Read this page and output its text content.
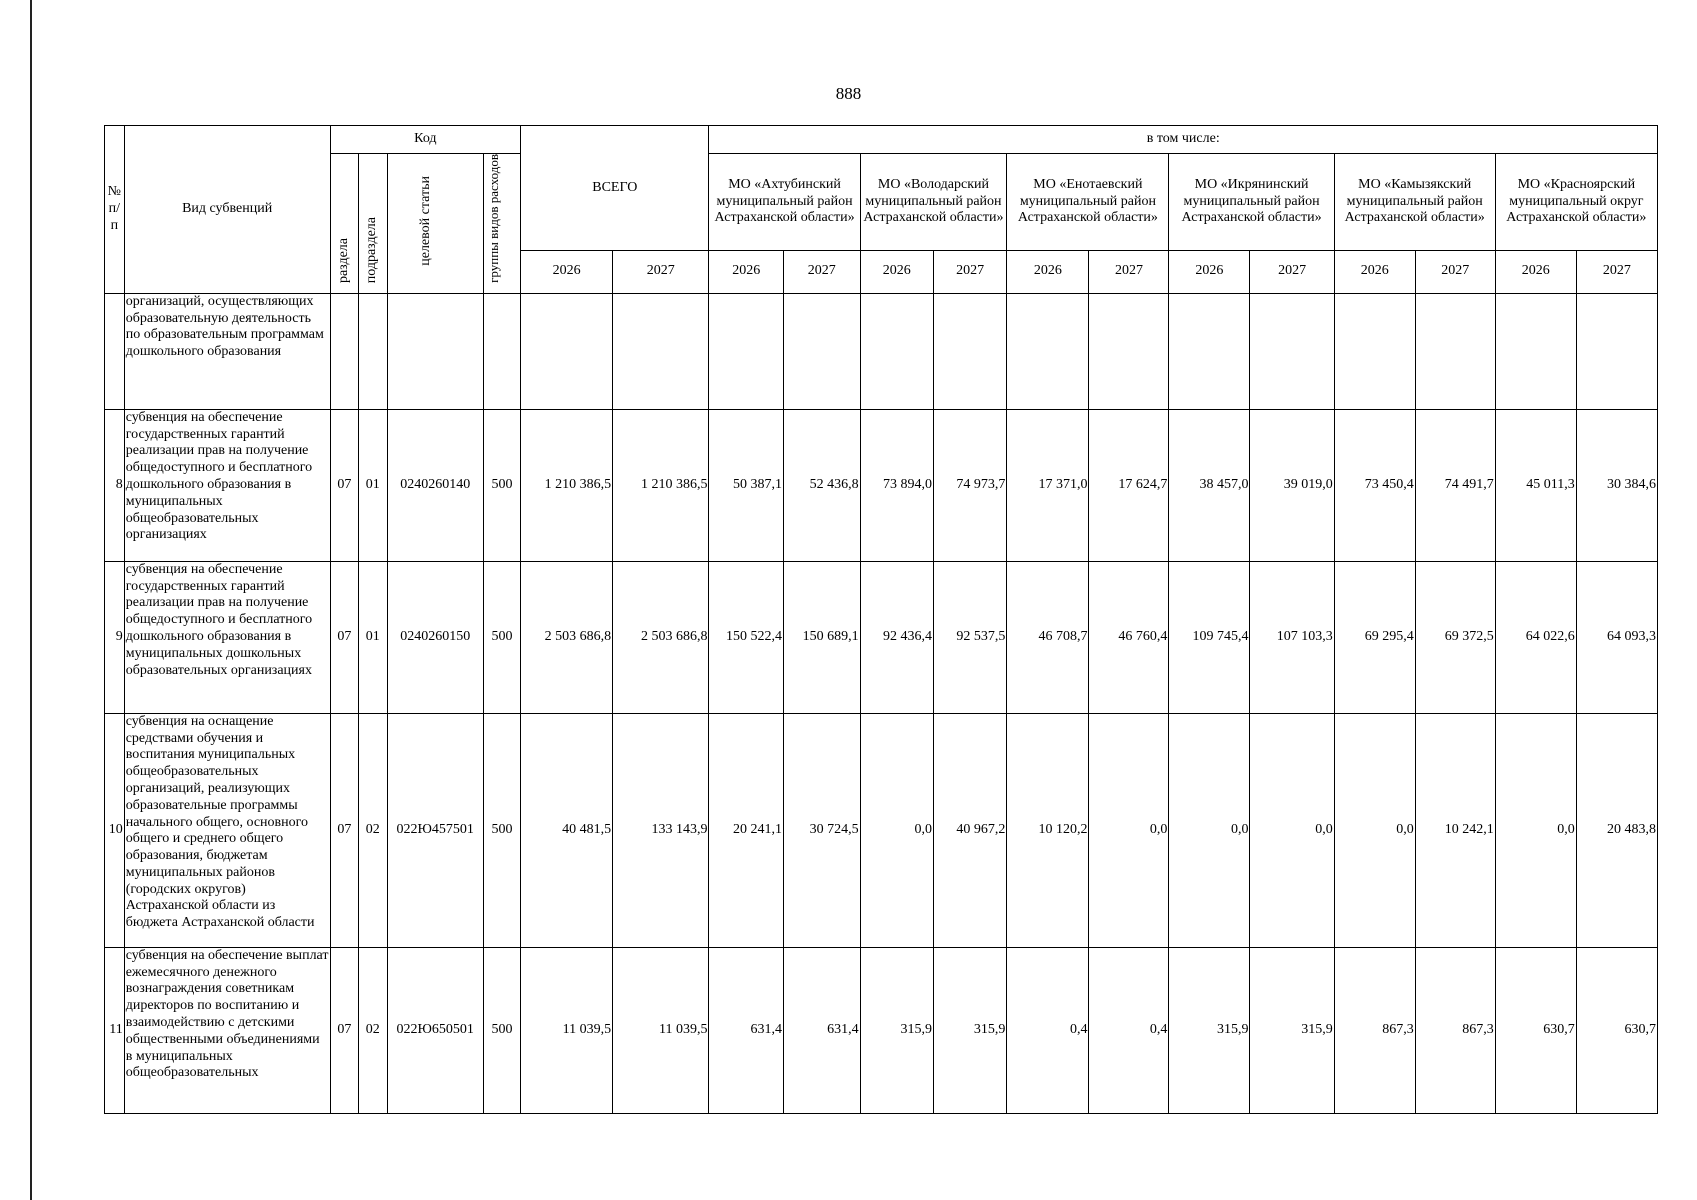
888
№ п/п	Вид субвенций	Код				ВСЕГО		в том числе:											
		раздела	подраздела	целевой статьи	группы видов расходов			МО «Ахтубинский муниципальный район Астраханской области»		МО «Володарский муниципальный район Астраханской области»		МО «Енотаевский муниципальный район Астраханской области»		МО «Икрянинский муниципальный район Астраханской области»		МО «Камызякский муниципальный район Астраханской области»		МО «Красноярский муниципальный округ Астраханской области»	
						2026	2027	2026	2027	2026	2027	2026	2027	2026	2027	2026	2027	2026	2027
	организаций, осуществляющих образовательную деятельность по образовательным программам дошкольного образования																		
8	субвенция на обеспечение государственных гарантий реализации прав на получение общедоступного и бесплатного дошкольного образования в муниципальных общеобразовательных организациях	07	01	0240260140	500	1 210 386,5	1 210 386,5	50 387,1	52 436,8	73 894,0	74 973,7	17 371,0	17 624,7	38 457,0	39 019,0	73 450,4	74 491,7	45 011,3	30 384,6
9	субвенция на обеспечение государственных гарантий реализации прав на получение общедоступного и бесплатного дошкольного образования в муниципальных дошкольных образовательных организациях	07	01	0240260150	500	2 503 686,8	2 503 686,8	150 522,4	150 689,1	92 436,4	92 537,5	46 708,7	46 760,4	109 745,4	107 103,3	69 295,4	69 372,5	64 022,6	64 093,3
10	субвенция на оснащение средствами обучения и воспитания муниципальных общеобразовательных организаций, реализующих образовательные программы начального общего, основного общего и среднего общего образования, бюджетам муниципальных районов (городских округов) Астраханской области из бюджета Астраханской области	07	02	022Ю457501	500	40 481,5	133 143,9	20 241,1	30 724,5	0,0	40 967,2	10 120,2	0,0	0,0	0,0	0,0	10 242,1	0,0	20 483,8
11	субвенция на обеспечение выплат ежемесячного денежного вознаграждения советникам директоров по воспитанию и взаимодействию с детскими общественными объединениями в муниципальных общеобразовательных	07	02	022Ю650501	500	11 039,5	11 039,5	631,4	631,4	315,9	315,9	0,4	0,4	315,9	315,9	867,3	867,3	630,7	630,7
